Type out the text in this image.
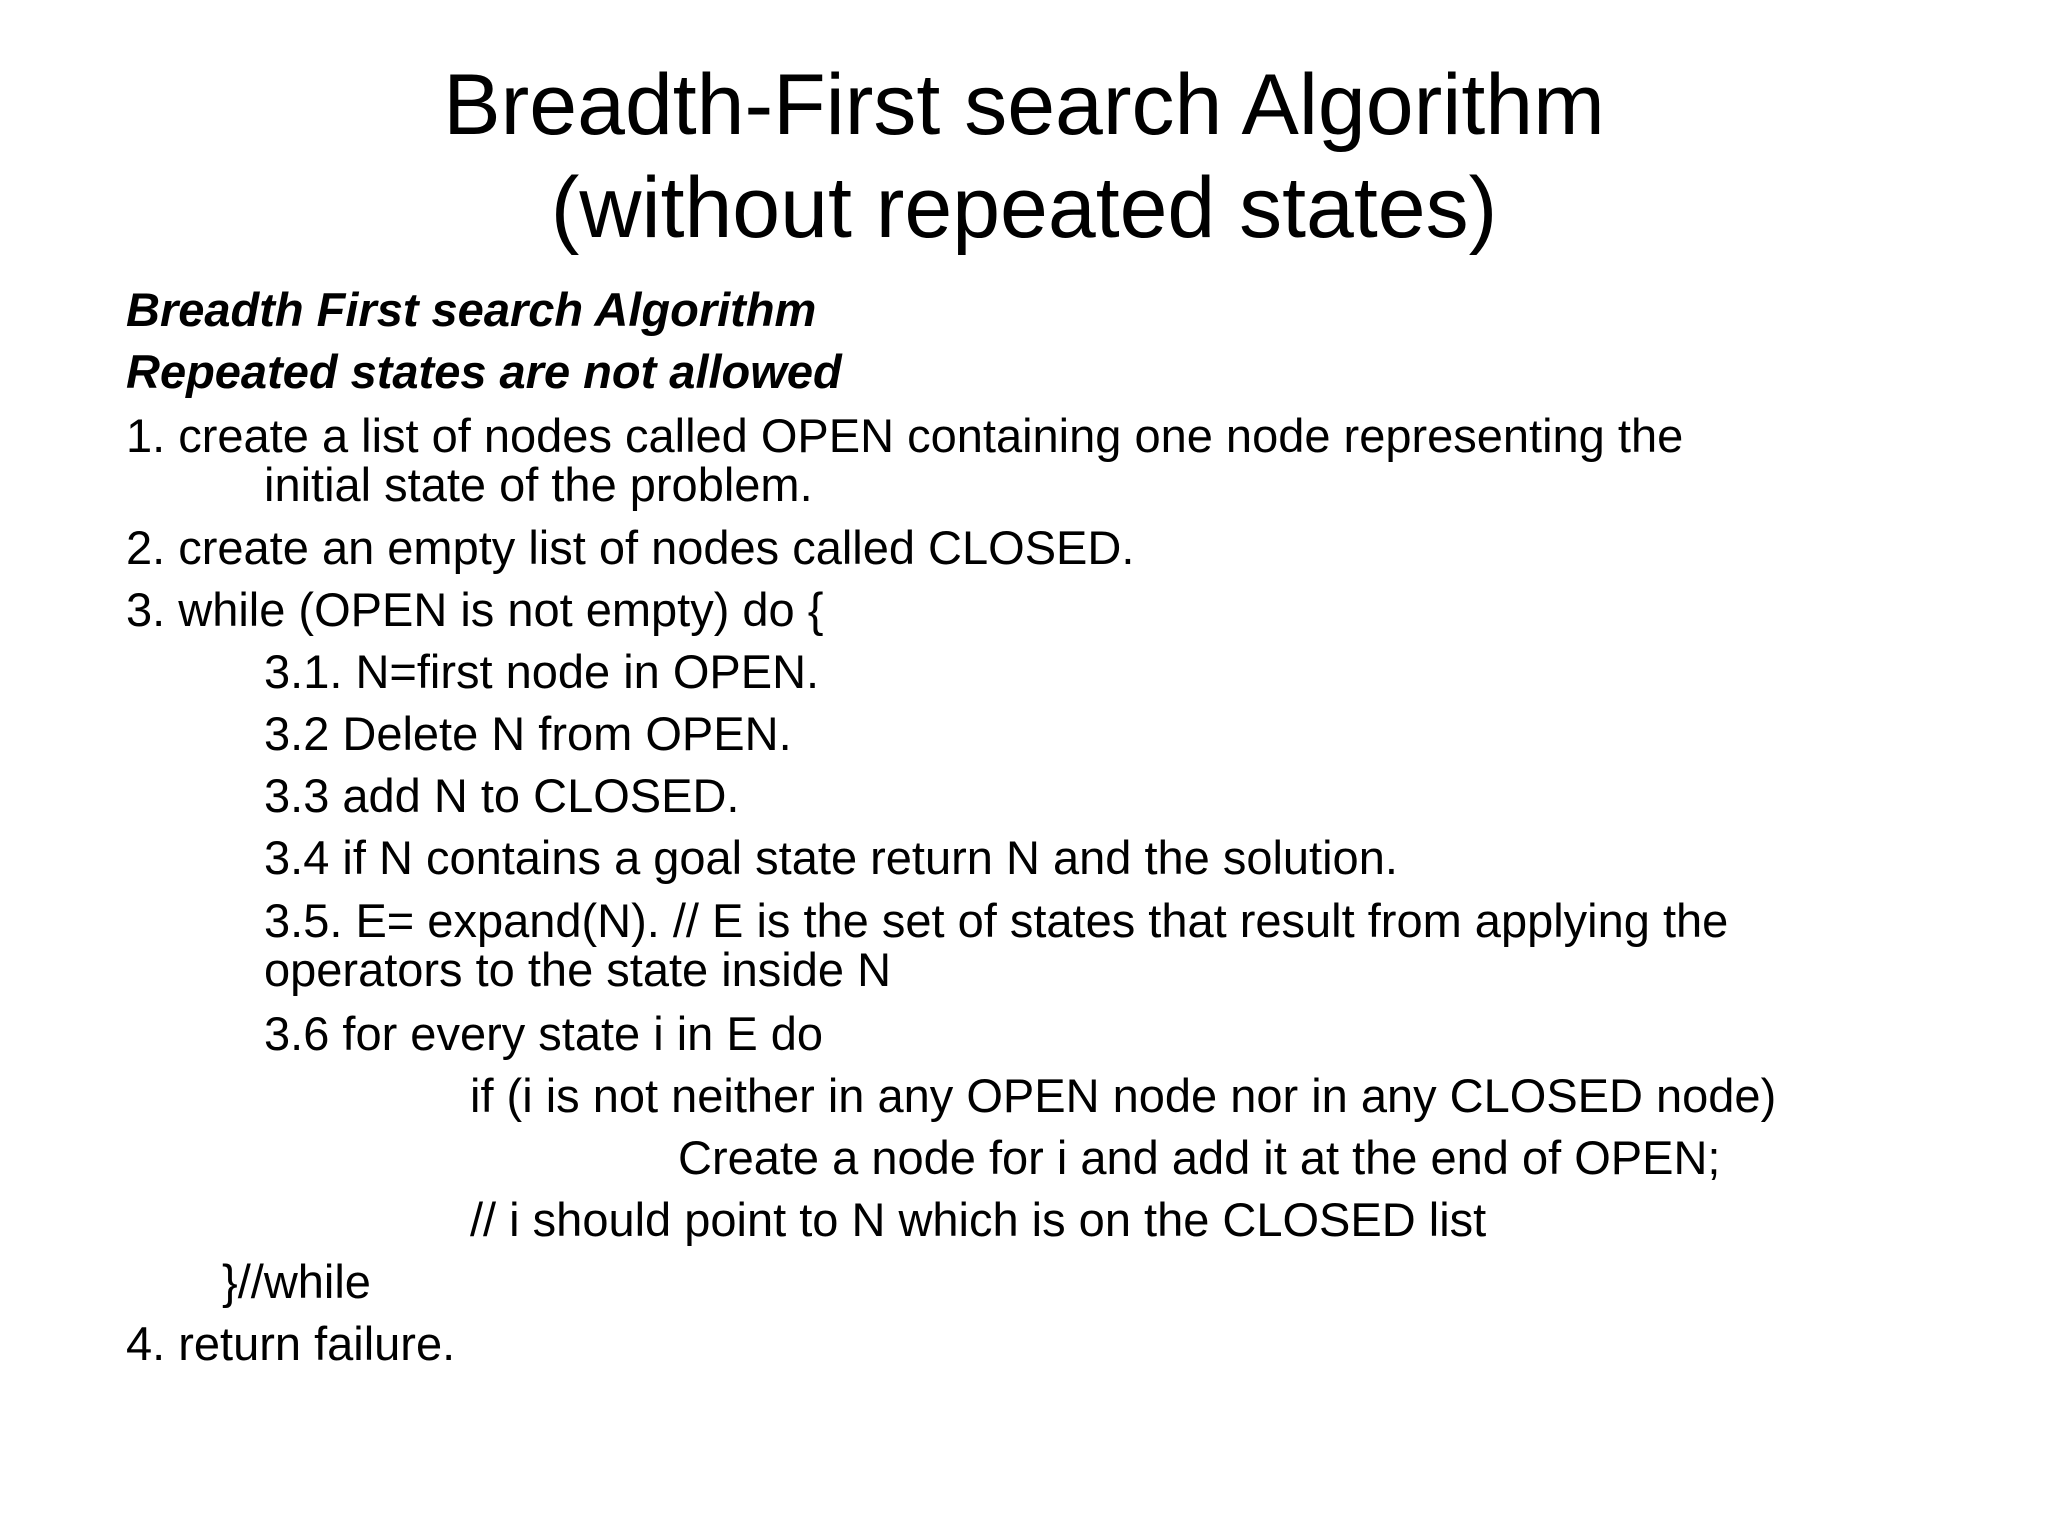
Breadth-First search Algorithm
(without repeated states)
Breadth First search Algorithm
Repeated states are not allowed
1. create a list of nodes called OPEN containing one node representing the
initial state of the problem.
2. create an empty list of nodes called CLOSED.
3. while (OPEN is not empty) do {
3.1. N=first node in OPEN.
3.2 Delete N from OPEN.
3.3 add N to CLOSED.
3.4 if N contains a goal state return N and the solution.
3.5. E= expand(N). // E is the set of states that result from applying the
operators to the state inside N
3.6 for every state i in E do
if (i is not neither in any OPEN node nor in any CLOSED node)
Create a node for i and add it at the end of OPEN;
// i should point to N which is on the CLOSED list
}//while
4. return failure.
